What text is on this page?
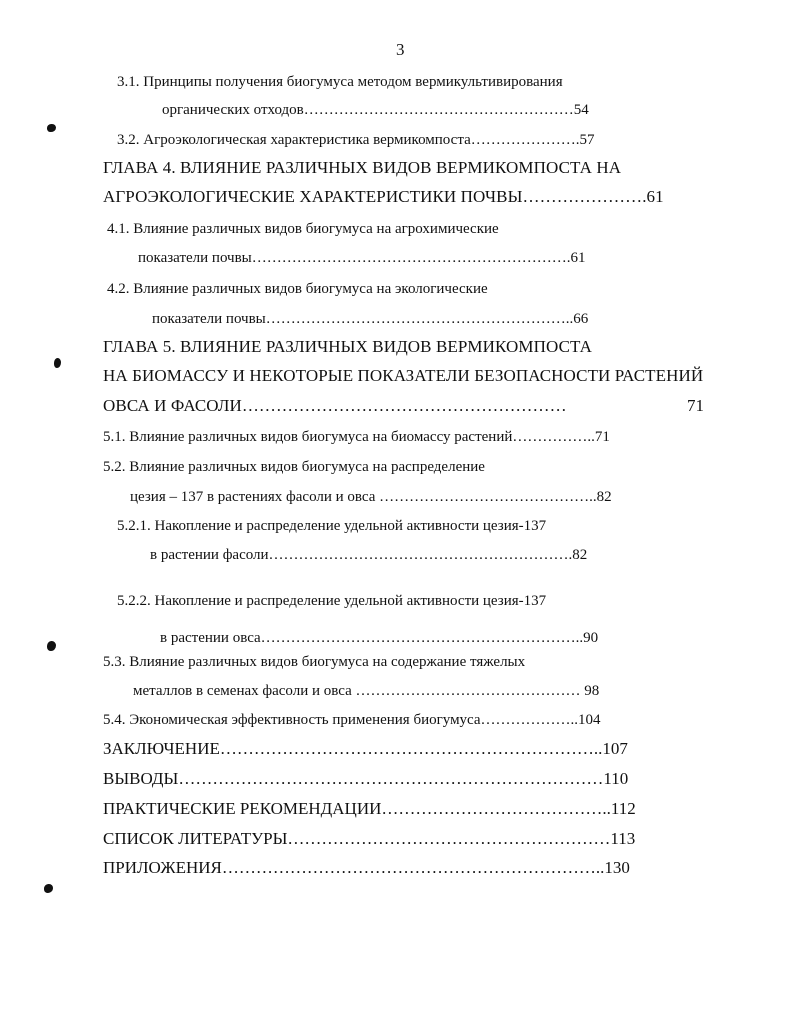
3
3.1. Принципы получения биогумуса методом вермикультивирования
органических отходов………………………………………………54
3.2. Агроэкологическая характеристика вермикомпоста………………….57
ГЛАВА 4. ВЛИЯНИЕ РАЗЛИЧНЫХ ВИДОВ ВЕРМИКОМПОСТА НА
АГРОЭКОЛОГИЧЕСКИЕ ХАРАКТЕРИСТИКИ ПОЧВЫ………………….61
4.1. Влияние различных видов биогумуса на агрохимические
показатели почвы……………………………………………………….61
4.2. Влияние различных видов биогумуса на экологические
показатели почвы……………………………………………………..66
ГЛАВА 5. ВЛИЯНИЕ РАЗЛИЧНЫХ ВИДОВ ВЕРМИКОМПОСТА
НА БИОМАССУ И НЕКОТОРЫЕ ПОКАЗАТЕЛИ БЕЗОПАСНОСТИ РАСТЕНИЙ
ОВСА И ФАСОЛИ…………………………………………………	71
5.1. Влияние различных видов биогумуса на биомассу растений……………..71
5.2. Влияние различных видов биогумуса на распределение
цезия – 137 в растениях фасоли и овса ……………………………………..82
5.2.1. Накопление и распределение удельной активности цезия-137
в растении фасоли…………………………………………………….82
5.2.2. Накопление и распределение удельной активности цезия-137
в растении овса………………………………………………………..90
5.3. Влияние различных видов биогумуса на содержание тяжелых
металлов в семенах фасоли и овса ……………………………………… 98
5.4. Экономическая эффективность применения биогумуса………………..104
ЗАКЛЮЧЕНИЕ…………………………………………………………..107
ВЫВОДЫ…………………………………………………………………110
ПРАКТИЧЕСКИЕ РЕКОМЕНДАЦИИ…………………………………..112
СПИСОК ЛИТЕРАТУРЫ…………………………………………………113
ПРИЛОЖЕНИЯ…………………………………………………………..130
